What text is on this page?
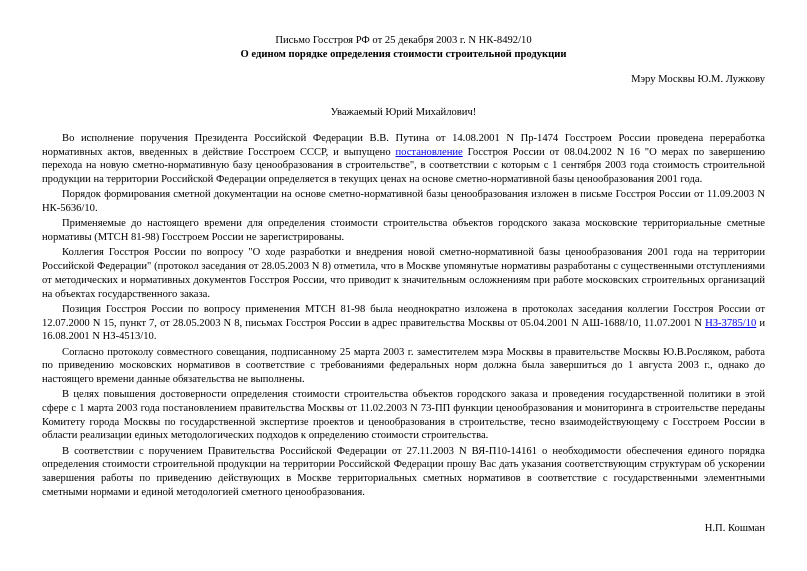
Письмо Госстроя РФ от 25 декабря 2003 г. N НК-8492/10
О едином порядке определения стоимости строительной продукции
Мэру Москвы Ю.М. Лужкову
Уважаемый Юрий Михайлович!

Во исполнение поручения Президента Российской Федерации В.В. Путина от 14.08.2001 N Пр-1474 Госстроем России проведена переработка нормативных актов, введенных в действие Госстроем СССР, и выпущено постановление Госстроя России от 08.04.2002 N 16 "О мерах по завершению перехода на новую сметно-нормативную базу ценообразования в строительстве", в соответствии с которым с 1 сентября 2003 года стоимость строительной продукции на территории Российской Федерации определяется в текущих ценах на основе сметно-нормативной базы ценообразования 2001 года.

Порядок формирования сметной документации на основе сметно-нормативной базы ценообразования изложен в письме Госстроя России от 11.09.2003 N НК-5636/10.

Применяемые до настоящего времени для определения стоимости строительства объектов городского заказа московские территориальные сметные нормативы (МТСН 81-98) Госстроем России не зарегистрированы.

Коллегия Госстроя России по вопросу "О ходе разработки и внедрения новой сметно-нормативной базы ценообразования 2001 года на территории Российской Федерации" (протокол заседания от 28.05.2003 N 8) отметила, что в Москве упомянутые нормативы разработаны с существенными отступлениями от методических и нормативных документов Госстроя России, что приводит к значительным осложнениям при работе московских строительных организаций на объектах государственного заказа.

Позиция Госстроя России по вопросу применения МТСН 81-98 была неоднократно изложена в протоколах заседания коллегии Госстроя России от 12.07.2000 N 15, пункт 7, от 28.05.2003 N 8, письмах Госстроя России в адрес правительства Москвы от 05.04.2001 N АШ-1688/10, 11.07.2001 N НЗ-3785/10 и 16.08.2001 N НЗ-4513/10.

Согласно протоколу совместного совещания, подписанному 25 марта 2003 г. заместителем мэра Москвы в правительстве Москвы Ю.В.Росляком, работа по приведению московских нормативов в соответствие с требованиями федеральных норм должна была завершиться до 1 августа 2003 г., однако до настоящего времени данные обязательства не выполнены.

В целях повышения достоверности определения стоимости строительства объектов городского заказа и проведения государственной политики в этой сфере с 1 марта 2003 года постановлением правительства Москвы от 11.02.2003 N 73-ПП функции ценообразования и мониторинга в строительстве переданы Комитету города Москвы по государственной экспертизе проектов и ценообразования в строительстве, тесно взаимодействующему с Госстроем России в области реализации единых методологических подходов к определению стоимости строительства.

В соответствии с поручением Правительства Российской Федерации от 27.11.2003 N ВЯ-П10-14161 о необходимости обеспечения единого порядка определения стоимости строительной продукции на территории Российской Федерации прошу Вас дать указания соответствующим структурам об ускорении завершения работы по приведению действующих в Москве территориальных сметных нормативов в соответствие с государственными элементными сметными нормами и единой методологией сметного ценообразования.

Н.П. Кошман
